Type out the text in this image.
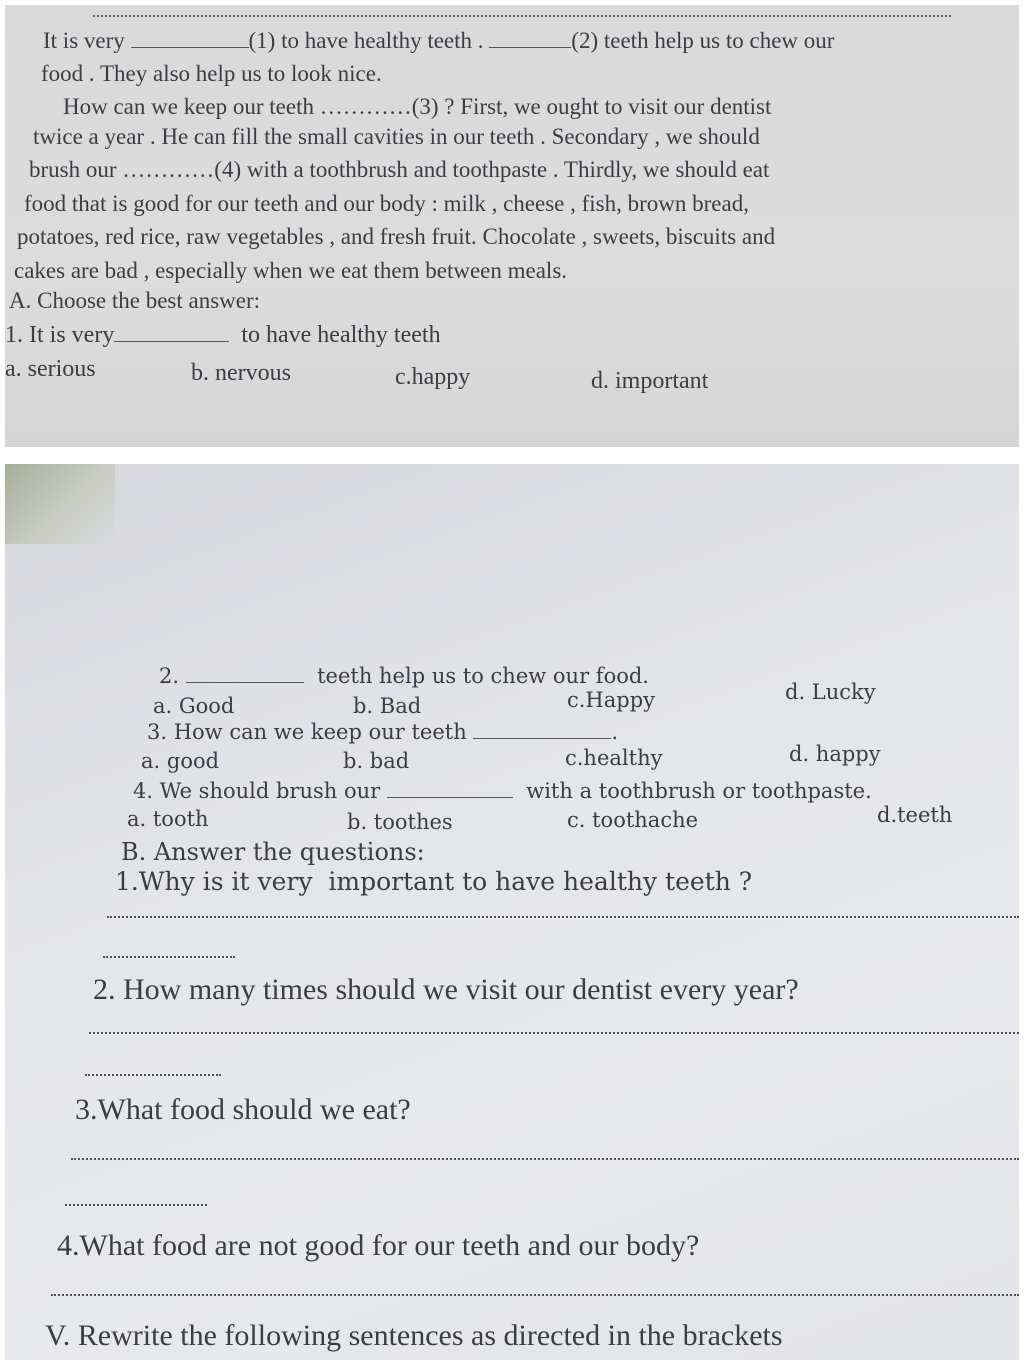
It is very	(1) to have healthy teeth .	(2) teeth help us to chew our
food . They also help us to look nice.
How can we keep our teeth …………(3) ? First, we ought to visit our dentist
twice a year . He can fill the small cavities in our teeth . Secondary , we should
brush our …………(4) with a toothbrush and toothpaste . Thirdly, we should eat
food that is good for our teeth and our body : milk , cheese , fish, brown bread,
potatoes, red rice, raw vegetables , and fresh fruit. Chocolate , sweets, biscuits and
cakes are bad , especially when we eat them between meals.
A. Choose the best answer:
1. It is very	to have healthy teeth
a. serious	b. nervous	c.happy	d. important
2.	teeth help us to chew our food.
a. Good	b. Bad	c.Happy	d. Lucky
3. How can we keep our teeth	.
a. good	b. bad	c.healthy	d. happy
4. We should brush our	with a toothbrush or toothpaste.
a. tooth	b. toothes	c. toothache	d.teeth
B. Answer the questions:
1.Why is it very  important to have healthy teeth ?
2. How many times should we visit our dentist every year?
3.What food should we eat?
4.What food are not good for our teeth and our body?
V. Rewrite the following sentences as directed in the brackets
